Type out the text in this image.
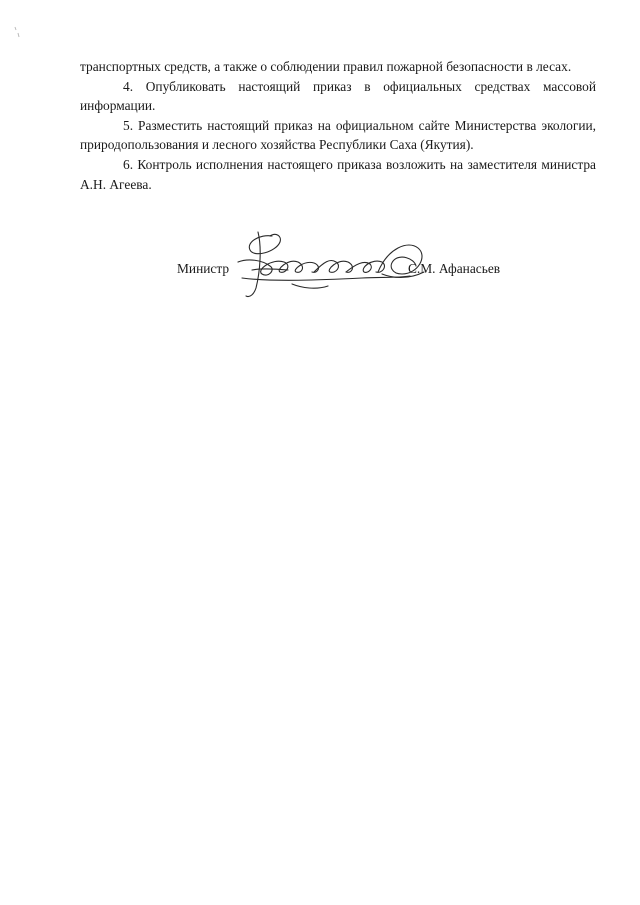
транспортных средств, а также о соблюдении правил пожарной безопасности в лесах.

4. Опубликовать настоящий приказ в официальных средствах массовой информации.

5. Разместить настоящий приказ на официальном сайте Министерства экологии, природопользования и лесного хозяйства Республики Саха (Якутия).

6. Контроль исполнения настоящего приказа возложить на заместителя министра А.Н. Агеева.

Министр	С.М. Афанасьев
